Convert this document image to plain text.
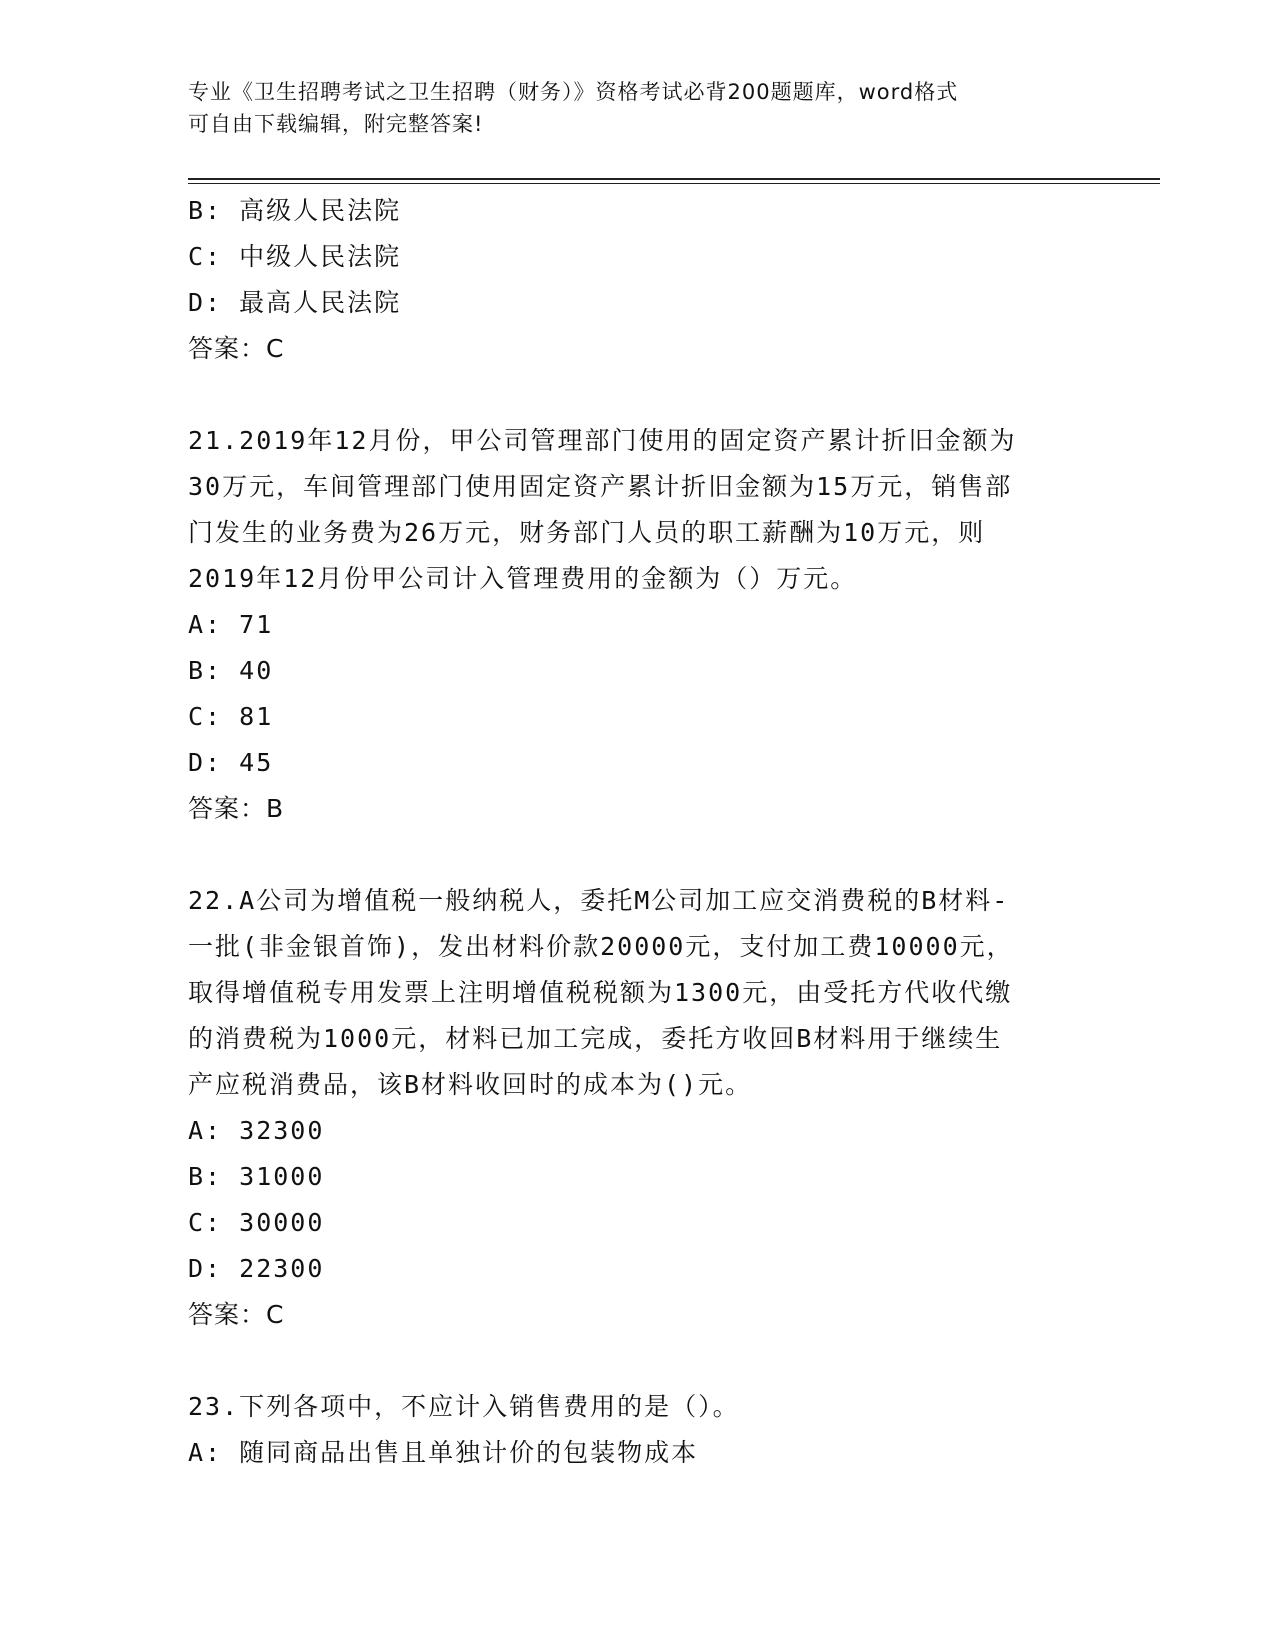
专业《卫生招聘考试之卫生招聘（财务）》资格考试必背200题题库，word格式
可自由下载编辑，附完整答案!
B: 高级人民法院
C: 中级人民法院
D: 最高人民法院
答案：C
21.2019年12月份，甲公司管理部门使用的固定资产累计折旧金额为
30万元，车间管理部门使用固定资产累计折旧金额为15万元，销售部
门发生的业务费为26万元，财务部门人员的职工薪酬为10万元，则
2019年12月份甲公司计入管理费用的金额为（）万元。
A: 71
B: 40
C: 81
D: 45
答案：B
22.A公司为增值税一般纳税人，委托M公司加工应交消费税的B材料-
一批(非金银首饰)，发出材料价款20000元，支付加工费10000元，
取得增值税专用发票上注明增值税税额为1300元，由受托方代收代缴
的消费税为1000元，材料已加工完成，委托方收回B材料用于继续生
产应税消费品，该B材料收回时的成本为()元。
A: 32300
B: 31000
C: 30000
D: 22300
答案：C
23.下列各项中，不应计入销售费用的是（）。
A: 随同商品出售且单独计价的包装物成本
